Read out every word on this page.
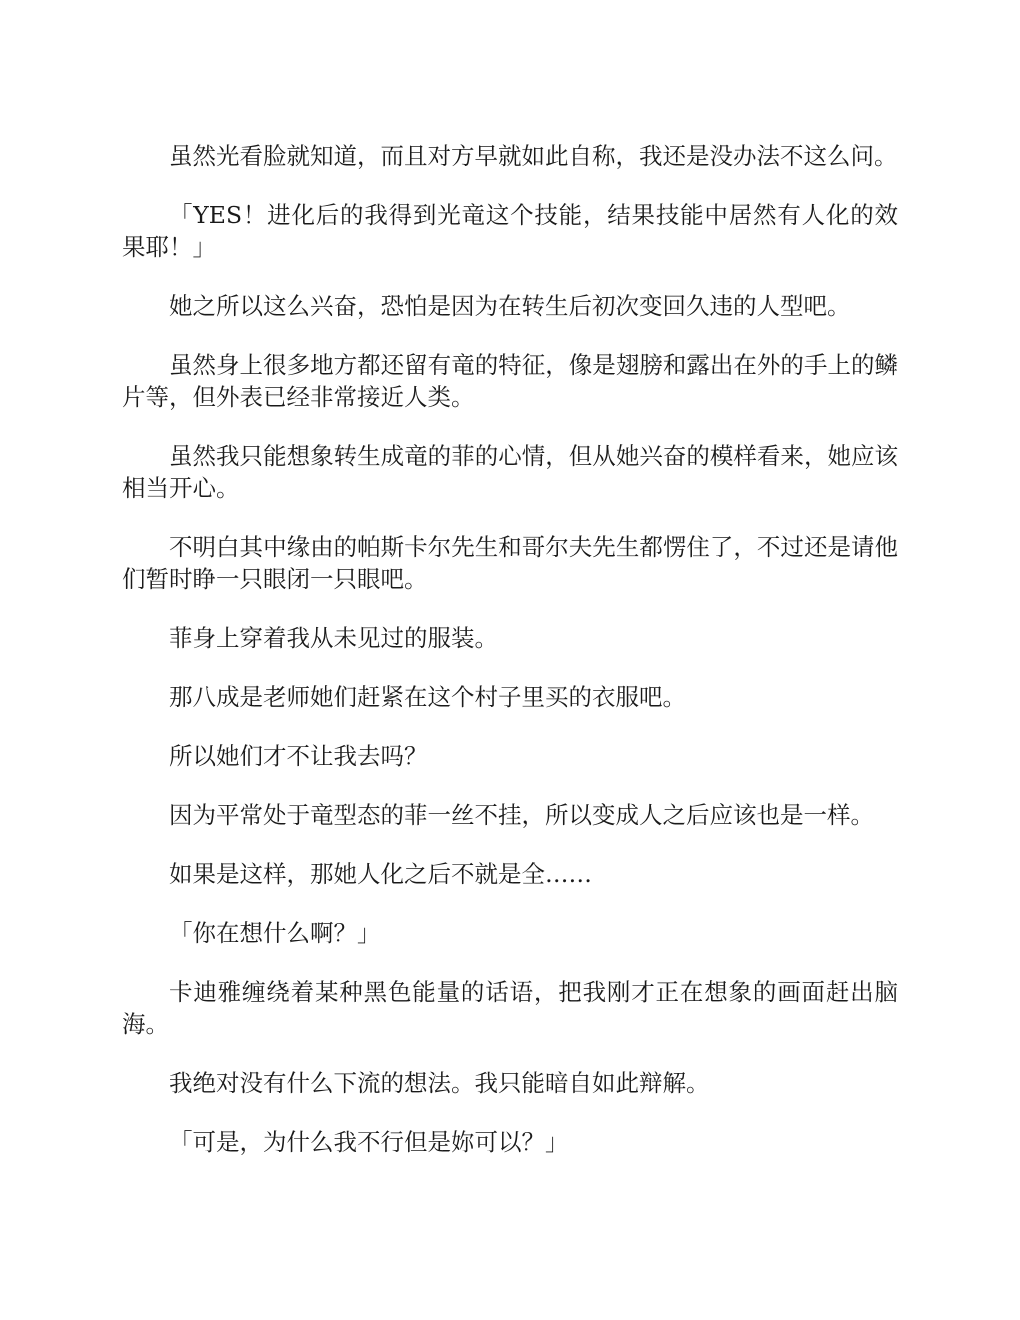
虽然光看脸就知道，而且对方早就如此自称，我还是没办法不这么问。

「YES！进化后的我得到光竜这个技能，结果技能中居然有人化的效果耶！」

她之所以这么兴奋，恐怕是因为在转生后初次变回久违的人型吧。

虽然身上很多地方都还留有竜的特征，像是翅膀和露出在外的手上的鳞片等，但外表已经非常接近人类。

虽然我只能想象转生成竜的菲的心情，但从她兴奋的模样看来，她应该相当开心。

不明白其中缘由的帕斯卡尔先生和哥尔夫先生都愣住了，不过还是请他们暂时睁一只眼闭一只眼吧。

菲身上穿着我从未见过的服装。

那八成是老师她们赶紧在这个村子里买的衣服吧。

所以她们才不让我去吗？

因为平常处于竜型态的菲一丝不挂，所以变成人之后应该也是一样。

如果是这样，那她人化之后不就是全……

「你在想什么啊？」

卡迪雅缠绕着某种黑色能量的话语，把我刚才正在想象的画面赶出脑海。

我绝对没有什么下流的想法。我只能暗自如此辩解。

「可是，为什么我不行但是妳可以？」
